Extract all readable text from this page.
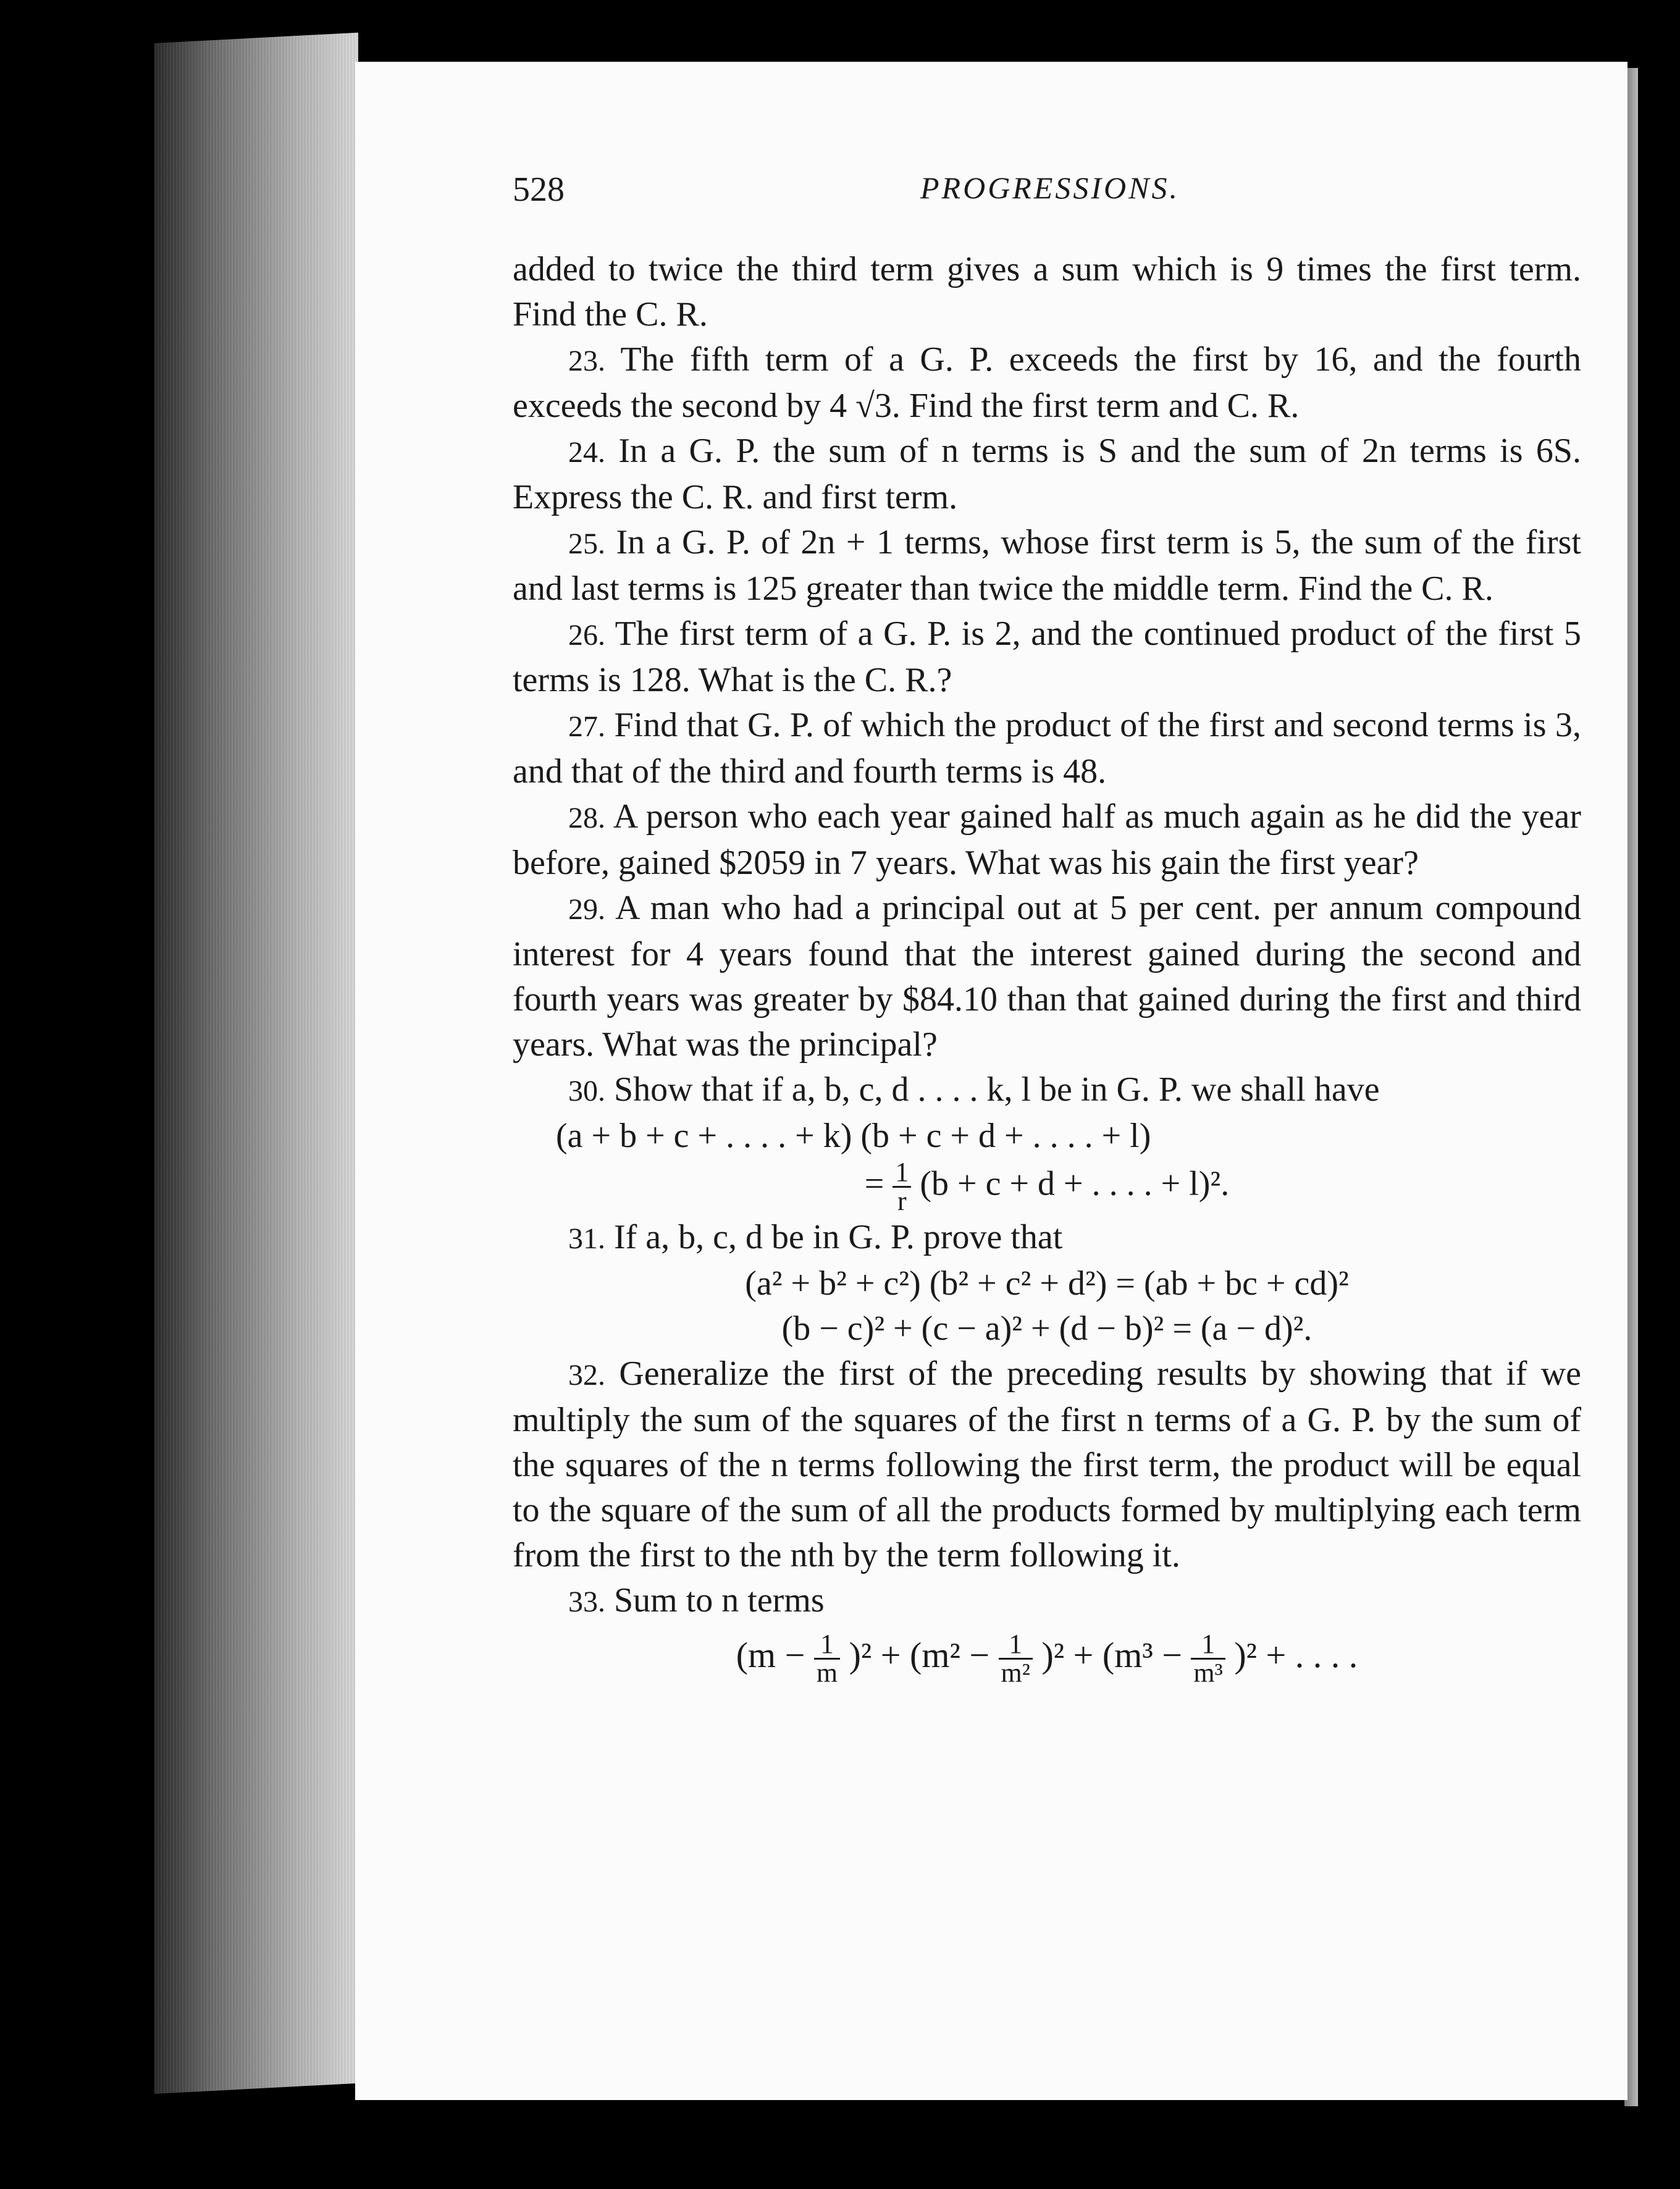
528	PROGRESSIONS.

added to twice the third term gives a sum which is 9 times the first term. Find the C. R.

23. The fifth term of a G. P. exceeds the first by 16, and the fourth exceeds the second by 4 √3. Find the first term and C. R.

24. In a G. P. the sum of n terms is S and the sum of 2n terms is 6S. Express the C. R. and first term.

25. In a G. P. of 2n + 1 terms, whose first term is 5, the sum of the first and last terms is 125 greater than twice the middle term. Find the C. R.

26. The first term of a G. P. is 2, and the continued product of the first 5 terms is 128. What is the C. R.?

27. Find that G. P. of which the product of the first and second terms is 3, and that of the third and fourth terms is 48.

28. A person who each year gained half as much again as he did the year before, gained $2059 in 7 years. What was his gain the first year?

29. A man who had a principal out at 5 per cent. per annum compound interest for 4 years found that the interest gained during the second and fourth years was greater by $84.10 than that gained during the first and third years. What was the principal?

30. Show that if a, b, c, d . . . . k, l be in G. P. we shall have

(a + b + c + . . . . + k) (b + c + d + . . . . + l)
= $\frac{1}{r} (b + c + d$ + . . . . + l)².

31. If a, b, c, d be in G. P. prove that

(a² + b² + c²) (b² + c² + d²) = (ab + bc + cd)²
(b − c)² + (c − a)² + (d − b)² = (a − d)².

32. Generalize the first of the preceding results by showing that if we multiply the sum of the squares of the first n terms of a G. P. by the sum of the squares of the n terms following the first term, the product will be equal to the square of the sum of all the products formed by multiplying each term from the first to the nth by the term following it.

33. Sum to n terms

$(m - \frac{1}{m} )^2 + (m^2 - \frac{1}{\text{m²}} )^2 + (m^3 - \frac{1}{\text{m³}} )^2$ + . . . .
